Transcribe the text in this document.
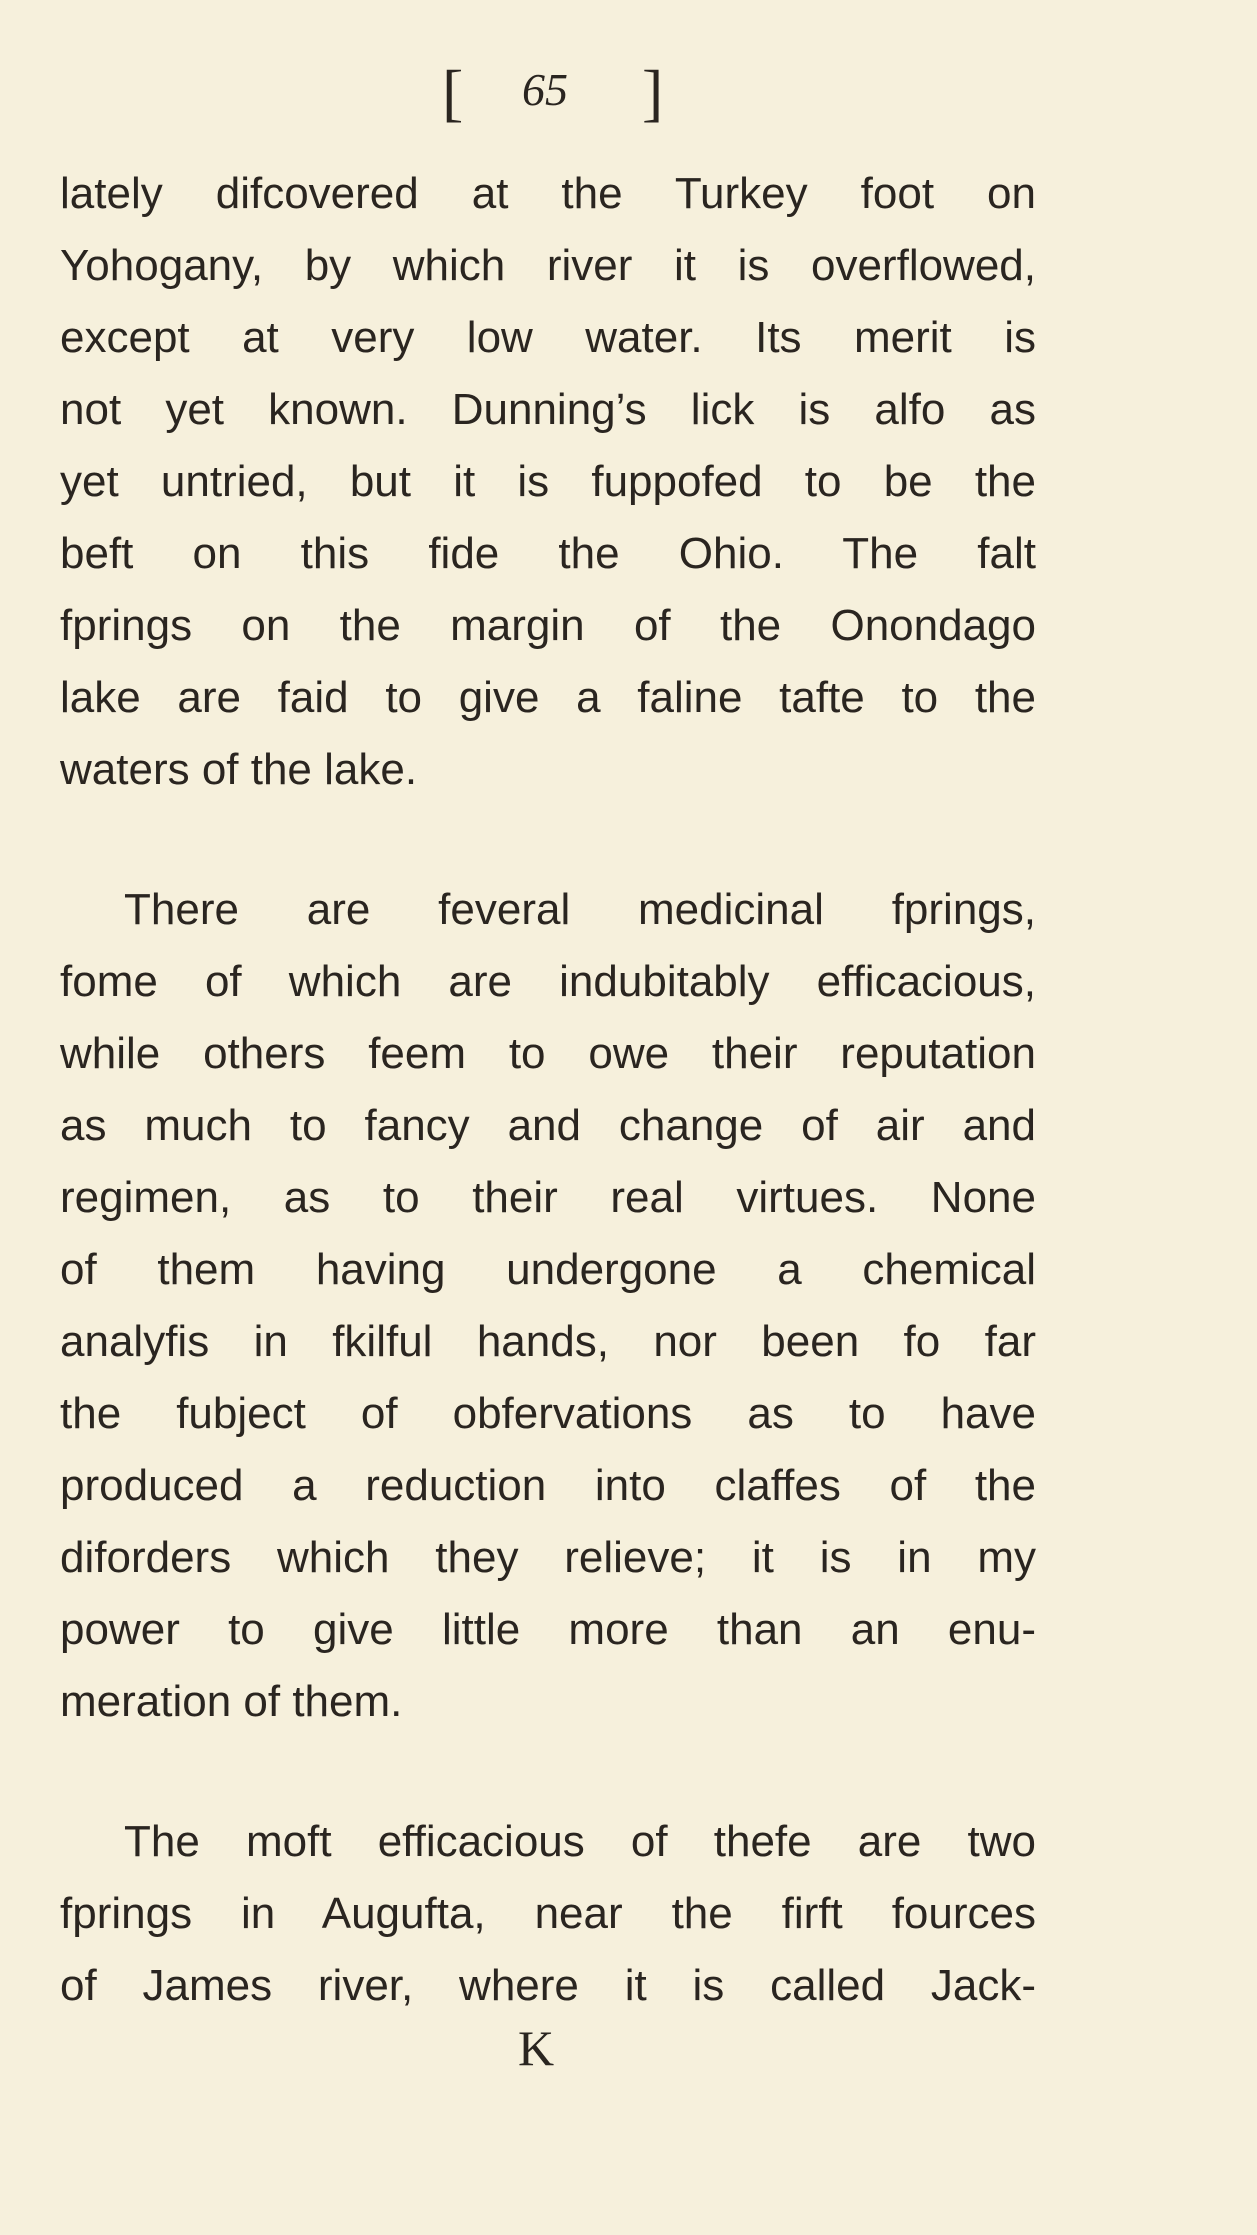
[ 65 ]
lately difcovered at the Turkey foot on
Yohogany, by which river it is overflowed,
except at very low water. Its merit is
not yet known. Dunning’s lick is alfo as
yet untried, but it is fuppofed to be the
beft on this fide the Ohio. The falt
fprings on the margin of the Onondago
lake are faid to give a faline tafte to the
waters of the lake.
There are feveral medicinal fprings,
fome of which are indubitably efficacious,
while others feem to owe their reputation
as much to fancy and change of air and
regimen, as to their real virtues. None
of them having undergone a chemical
analyfis in fkilful hands, nor been fo far
the fubject of obfervations as to have
produced a reduction into claffes of the
diforders which they relieve; it is in my
power to give little more than an enu-
meration of them.
The moft efficacious of thefe are two
fprings in Augufta, near the firft fources
of James river, where it is called Jack-
K
